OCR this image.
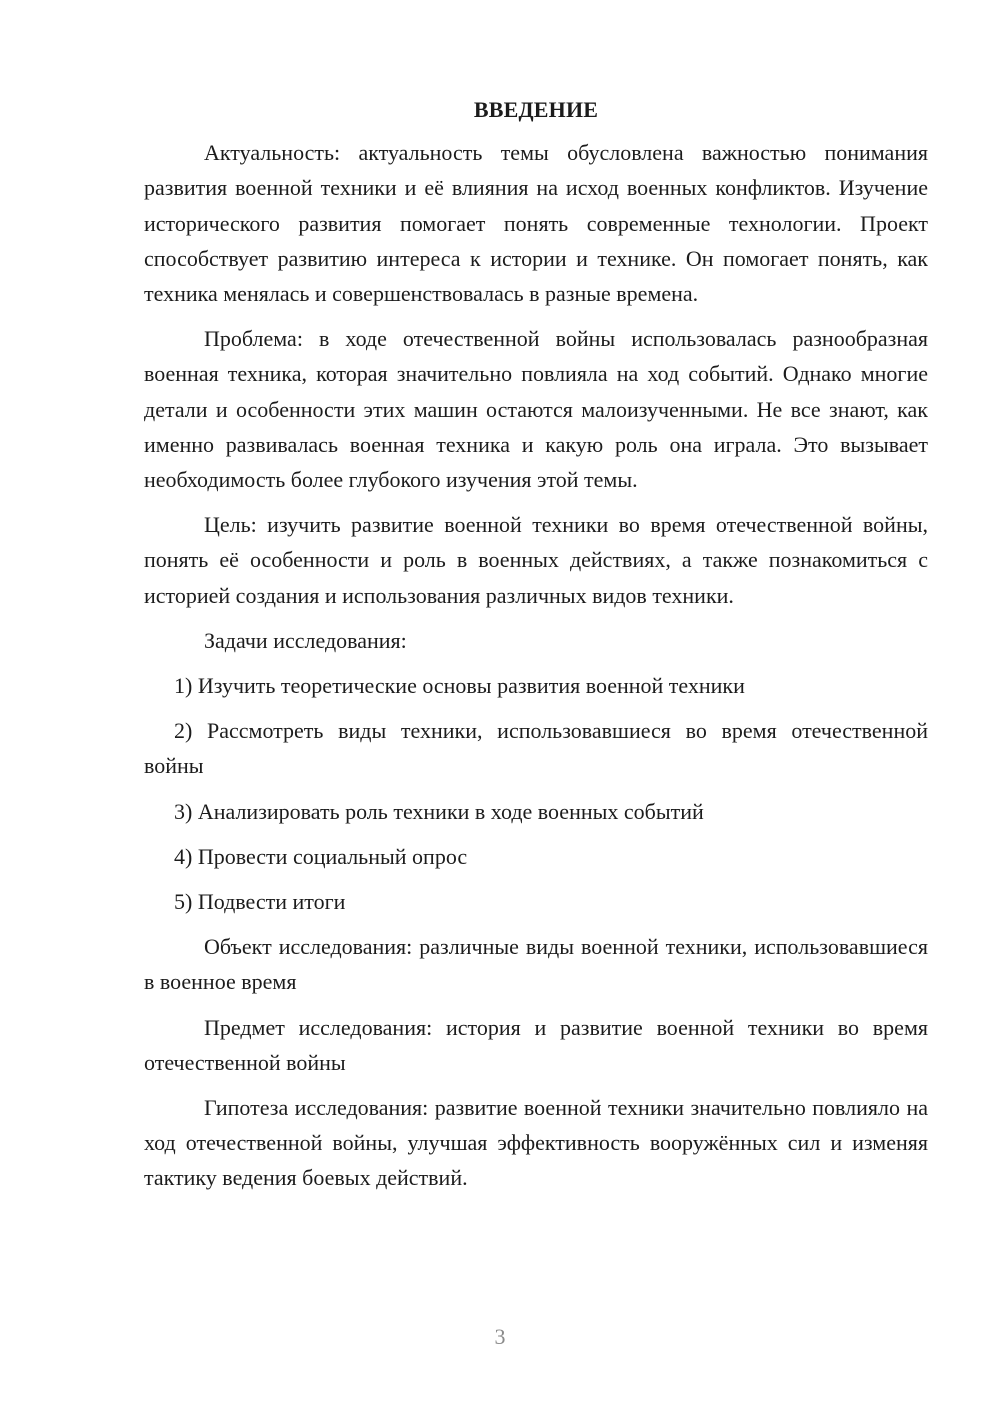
ВВЕДЕНИЕ

Актуальность: актуальность темы обусловлена важностью понимания развития военной техники и её влияния на исход военных конфликтов. Изучение исторического развития помогает понять современные технологии. Проект способствует развитию интереса к истории и технике. Он помогает понять, как техника менялась и совершенствовалась в разные времена.

Проблема: в ходе отечественной войны использовалась разнообразная военная техника, которая значительно повлияла на ход событий. Однако многие детали и особенности этих машин остаются малоизученными. Не все знают, как именно развивалась военная техника и какую роль она играла. Это вызывает необходимость более глубокого изучения этой темы.

Цель: изучить развитие военной техники во время отечественной войны, понять её особенности и роль в военных действиях, а также познакомиться с историей создания и использования различных видов техники.

Задачи исследования:

1) Изучить теоретические основы развития военной техники

2) Рассмотреть виды техники, использовавшиеся во время отечественной войны

3) Анализировать роль техники в ходе военных событий

4) Провести социальный опрос

5) Подвести итоги

Объект исследования: различные виды военной техники, использовавшиеся в военное время

Предмет исследования: история и развитие военной техники во время отечественной войны

Гипотеза исследования: развитие военной техники значительно повлияло на ход отечественной войны, улучшая эффективность вооружённых сил и изменяя тактику ведения боевых действий.

3
